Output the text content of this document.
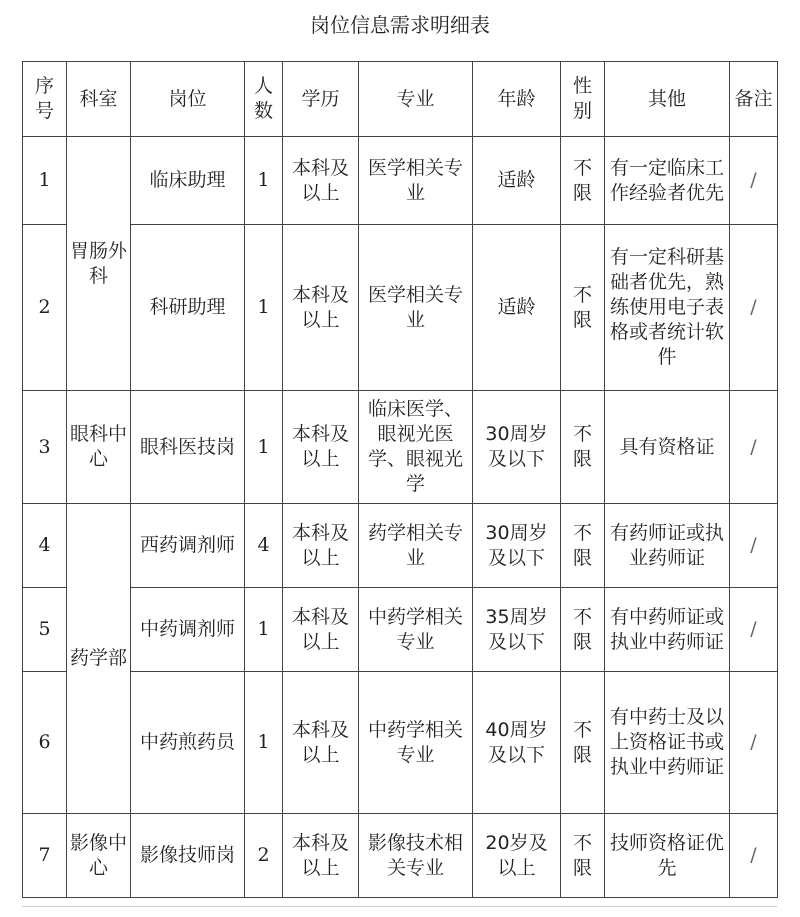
岗位信息需求明细表
序号	科室	岗位	人数	学历	专业	年龄	性别	其他	备注
1	胃肠外科	临床助理	1	本科及以上	医学相关专业	适龄	不限	有一定临床工作经验者优先	/
2		科研助理	1	本科及以上	医学相关专业	适龄	不限	有一定科研基础者优先，熟练使用电子表格或者统计软件	/
3	眼科中心	眼科医技岗	1	本科及以上	临床医学、眼视光医学、眼视光学	30周岁及以下	不限	具有资格证	/
4	药学部	西药调剂师	4	本科及以上	药学相关专业	30周岁及以下	不限	有药师证或执业药师证	/
5		中药调剂师	1	本科及以上	中药学相关专业	35周岁及以下	不限	有中药师证或执业中药师证	/
6		中药煎药员	1	本科及以上	中药学相关专业	40周岁及以下	不限	有中药士及以上资格证书或执业中药师证	/
7	影像中心	影像技师岗	2	本科及以上	影像技术相关专业	20岁及以上	不限	技师资格证优先	/
